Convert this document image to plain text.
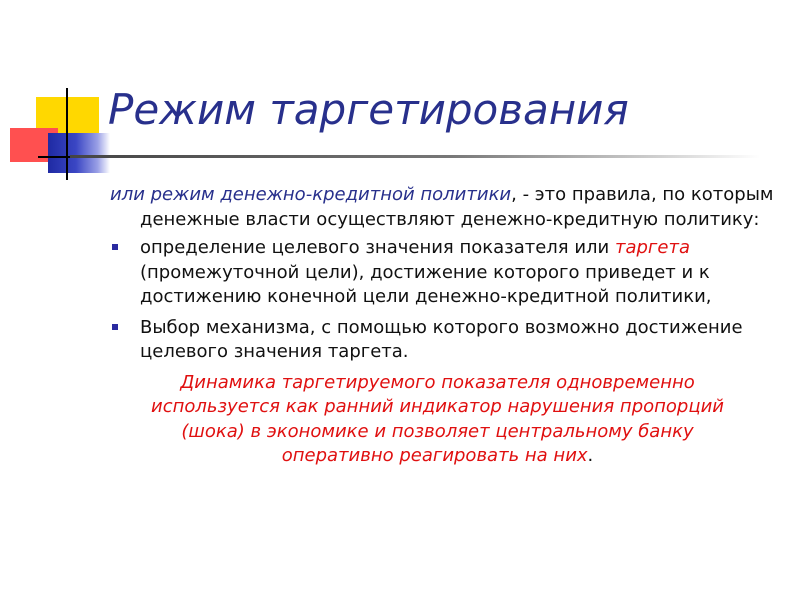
Режим таргетирования

или режим денежно-кредитной политики, - это правила, по которым денежные власти осуществляют денежно-кредитную политику:

определение целевого значения показателя или таргета (промежуточной цели), достижение которого приведет и к достижению конечной цели денежно-кредитной политики,
Выбор механизма, с помощью которого возможно достижение целевого значения таргета.

Динамика таргетируемого показателя одновременно используется как ранний индикатор нарушения пропорций (шока) в экономике и позволяет центральному банку оперативно реагировать на них.
